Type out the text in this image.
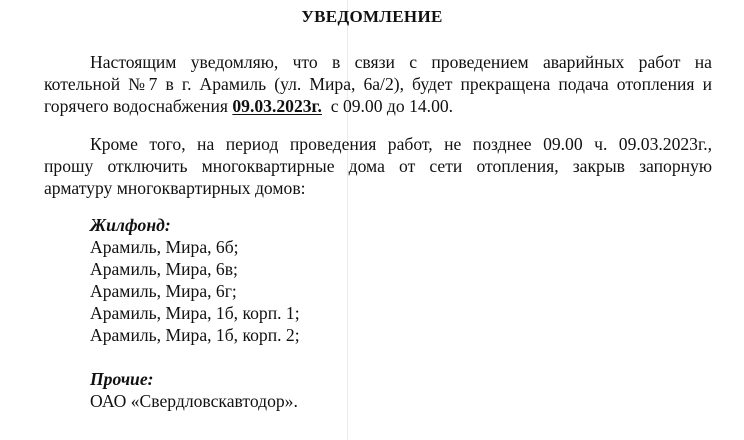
УВЕДОМЛЕНИЕ
Настоящим уведомляю, что в связи с проведением аварийных работ на
котельной №7 в г. Арамиль (ул. Мира, 6а/2), будет прекращена подача отопления и
горячего водоснабжения 09.03.2023г.  с 09.00 до 14.00.
Кроме того, на период проведения работ, не позднее 09.00 ч. 09.03.2023г.,
прошу отключить многоквартирные дома от сети отопления, закрыв запорную
арматуру многоквартирных домов:
Жилфонд:
Арамиль, Мира, 6б;
Арамиль, Мира, 6в;
Арамиль, Мира, 6г;
Арамиль, Мира, 1б, корп. 1;
Арамиль, Мира, 1б, корп. 2;
Прочие:
ОАО «Свердловскавтодор».
